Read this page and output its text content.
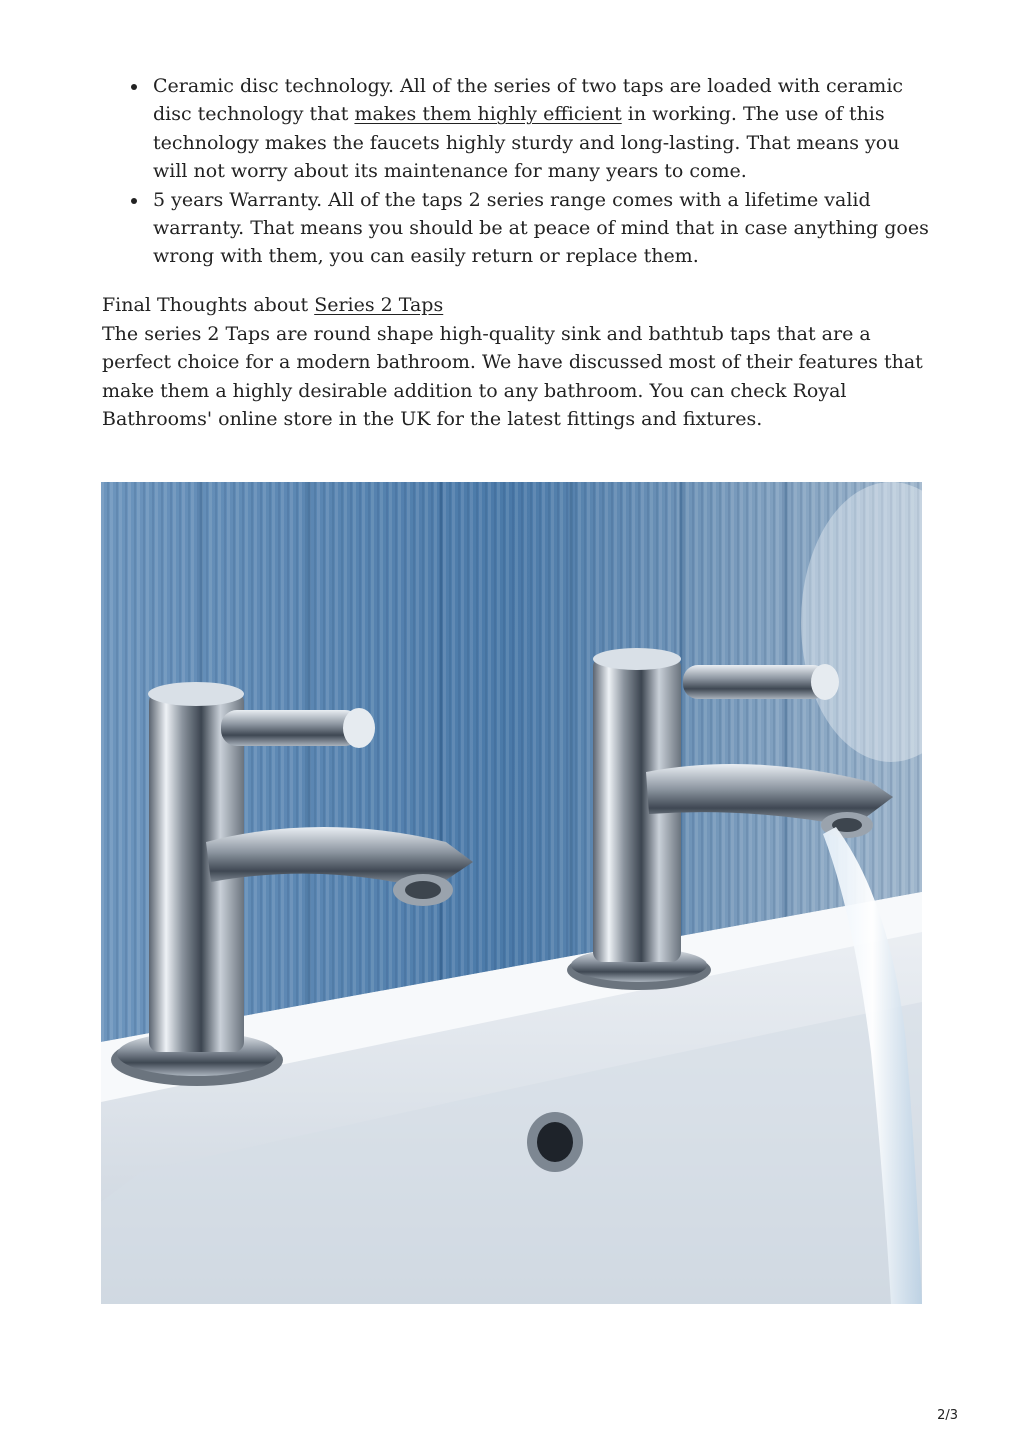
Ceramic disc technology. All of the series of two taps are loaded with ceramic disc technology that makes them highly efficient in working. The use of this technology makes the faucets highly sturdy and long-lasting. That means you will not worry about its maintenance for many years to come.
5 years Warranty. All of the taps 2 series range comes with a lifetime valid warranty. That means you should be at peace of mind that in case anything goes wrong with them, you can easily return or replace them.

Final Thoughts about Series 2 Taps

The series 2 Taps are round shape high-quality sink and bathtub taps that are a perfect choice for a modern bathroom. We have discussed most of their features that make them a highly desirable addition to any bathroom. You can check Royal Bathrooms' online store in the UK for the latest fittings and fixtures.

2/3
